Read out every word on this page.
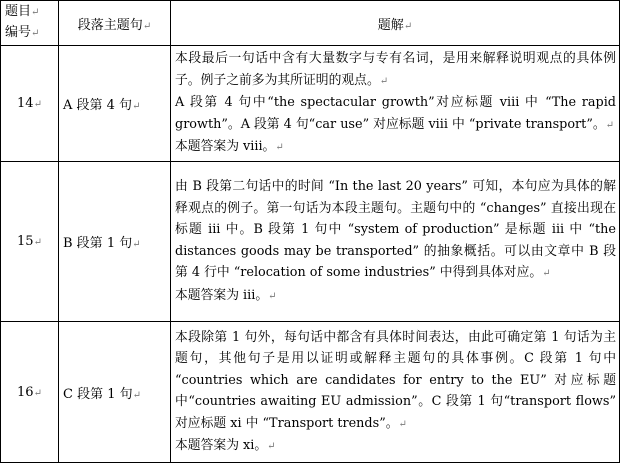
题目↵
编号↵	段落主题句↵	题解↵
14↵	A 段第 4 句↵	本段最后一句话中含有大量数字与专有名词，是用来解释说明观点的具体例子。例子之前多为其所证明的观点。↵
A 段第 4 句中“the spectacular growth”对应标题 viii 中 “The rapid growth”。A 段第 4 句“car use” 对应标题 viii 中 “private transport”。↵
本题答案为 viii。↵

15↵	B 段第 1 句↵	由 B 段第二句话中的时间 “In the last 20 years” 可知，本句应为具体的解释观点的例子。第一句话为本段主题句。主题句中的 “changes” 直接出现在标题 iii 中。B 段第 1 句中 “system of production” 是标题 iii 中 “the distances goods may be transported” 的抽象概括。可以由文章中 B 段第 4 行中 “relocation of some industries” 中得到具体对应。↵
本题答案为 iii。↵

16↵	C 段第 1 句↵	本段除第 1 句外，每句话中都含有具体时间表达，由此可确定第 1 句话为主题句，其他句子是用以证明或解释主题句的具体事例。C 段第 1 句中 “countries which are candidates for entry to the EU” 对应标题中“countries awaiting EU admission”。C 段第 1 句“transport flows” 对应标题 xi 中 “Transport trends”。↵
本题答案为 xi。↵
